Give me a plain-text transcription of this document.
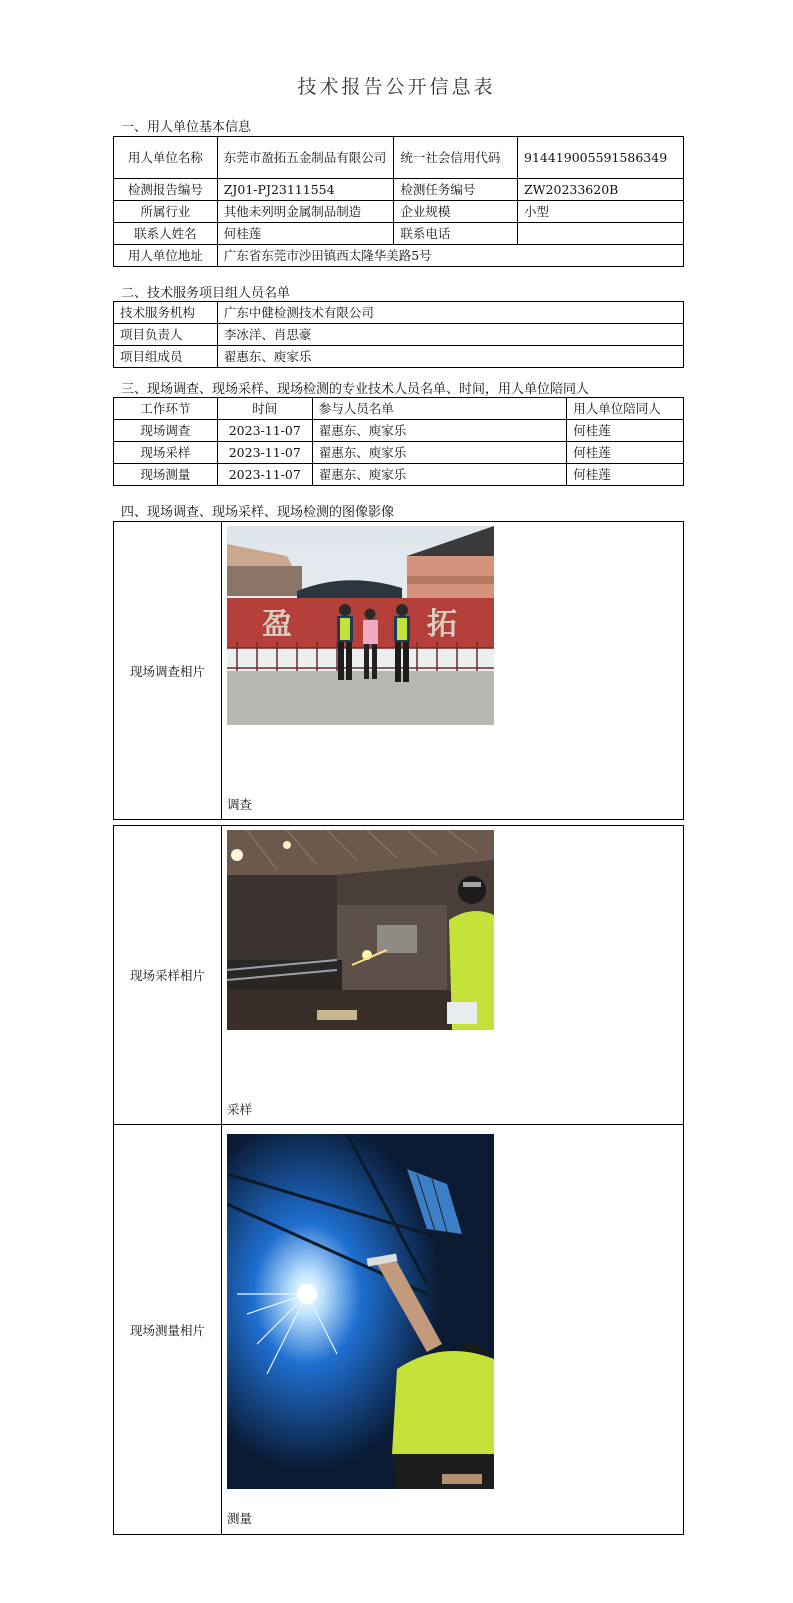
技术报告公开信息表
一、用人单位基本信息
用人单位名称	东莞市盈拓五金制品有限公司	统一社会信用代码	914419005591586349
检测报告编号	ZJ01-PJ23111554	检测任务编号	ZW20233620B
所属行业	其他未列明金属制品制造	企业规模	小型
联系人姓名	何桂莲	联系电话	
用人单位地址	广东省东莞市沙田镇西太隆华美路5号		
二、技术服务项目组人员名单
技术服务机构	广东中健检测技术有限公司
项目负责人	李冰洋、肖思豪
项目组成员	翟惠东、庾家乐
三、现场调查、现场采样、现场检测的专业技术人员名单、时间，用人单位陪同人
工作环节	时间	参与人员名单	用人单位陪同人
现场调查	2023-11-07	翟惠东、庾家乐	何桂莲
现场采样	2023-11-07	翟惠东、庾家乐	何桂莲
现场测量	2023-11-07	翟惠东、庾家乐	何桂莲
四、现场调查、现场采样、现场检测的图像影像
现场调查相片
盈	拓
调查
现场采样相片
采样
现场测量相片
测量
